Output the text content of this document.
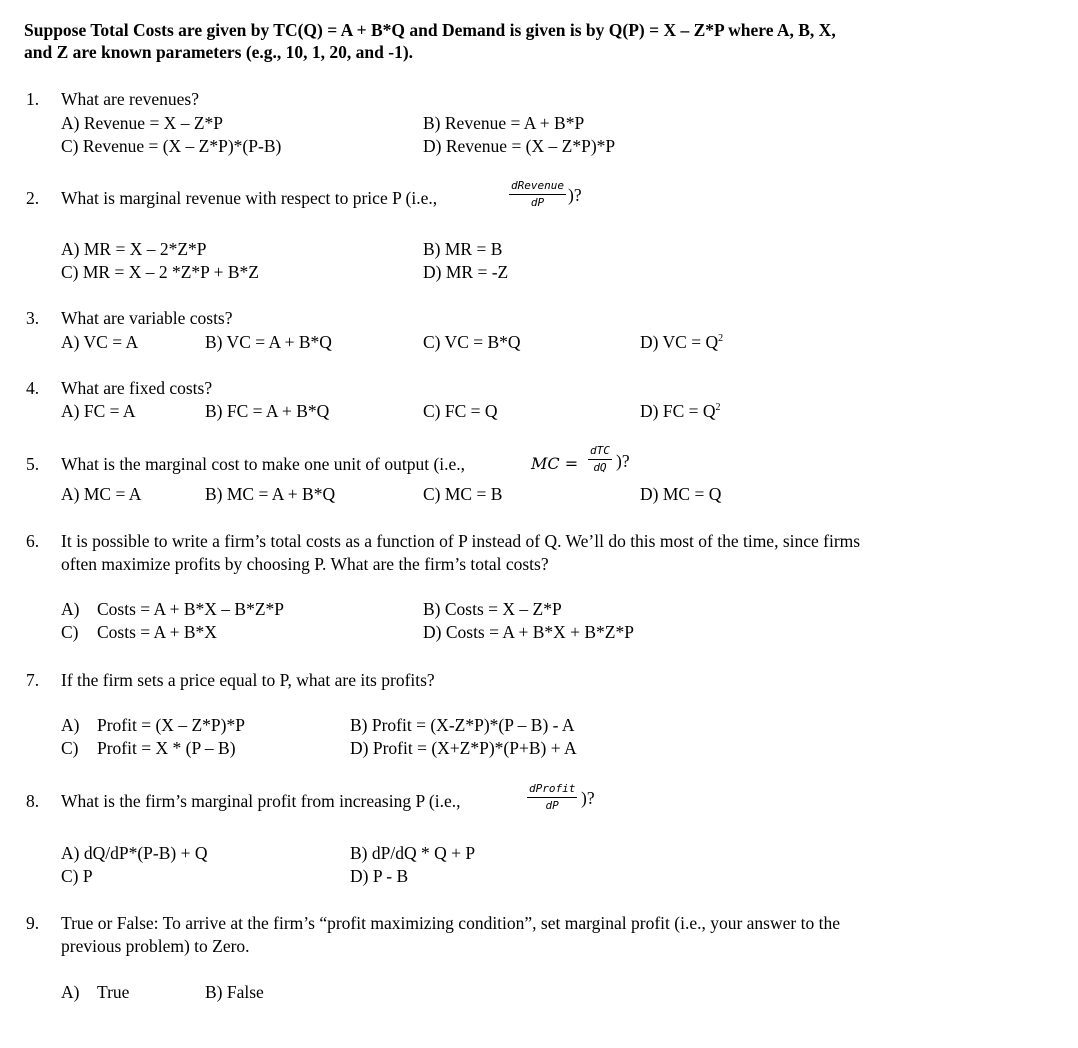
Suppose Total Costs are given by TC(Q) = A + B*Q and Demand is given is by Q(P) = X – Z*P where A, B, X,
and Z are known parameters (e.g., 10, 1, 20, and -1).
1. What are revenues?
A) Revenue = X – Z*P	B) Revenue = A + B*P
C) Revenue = (X – Z*P)*(P-B)	D) Revenue = (X – Z*P)*P
2. What is marginal revenue with respect to price P (i.e.,
dRevenue
dP	)?
A) MR = X – 2*Z*P	B) MR = B
C) MR = X – 2 *Z*P + B*Z	D) MR = -Z
3. What are variable costs?
A) VC = A	B) VC = A + B*Q	C) VC = B*Q	D) VC = $Q^2$
4. What are fixed costs?
A) FC = A	B) FC = A + B*Q	C) FC = Q	D) FC = $Q^2$
5. What is the marginal cost to make one unit of output (i.e.,	MC =
dTC
dQ )?
A) MC = A	B) MC = A + B*Q	C) MC = B	D) MC = Q
6. It is possible to write a firm’s total costs as a function of P instead of Q. We’ll do this most of the time, since firms
often maximize profits by choosing P. What are the firm’s total costs?
A) Costs = A + B*X – B*Z*P	B) Costs = X – Z*P
C) Costs = A + B*X	D) Costs = A + B*X + B*Z*P
7. If the firm sets a price equal to P, what are its profits?
A) Profit = (X – Z*P)*P	B) Profit = (X-Z*P)*(P – B) - A
C) Profit = X * (P – B)	D) Profit = (X+Z*P)*(P+B) + A
8. What is the firm’s marginal profit from increasing P (i.e.,
dProfit
dP	)?
A) dQ/dP*(P-B) + Q	B) dP/dQ * Q + P
C) P	D) P - B
9. True or False: To arrive at the firm’s “profit maximizing condition”, set marginal profit (i.e., your answer to the
previous problem) to Zero.
A) True	B) False
